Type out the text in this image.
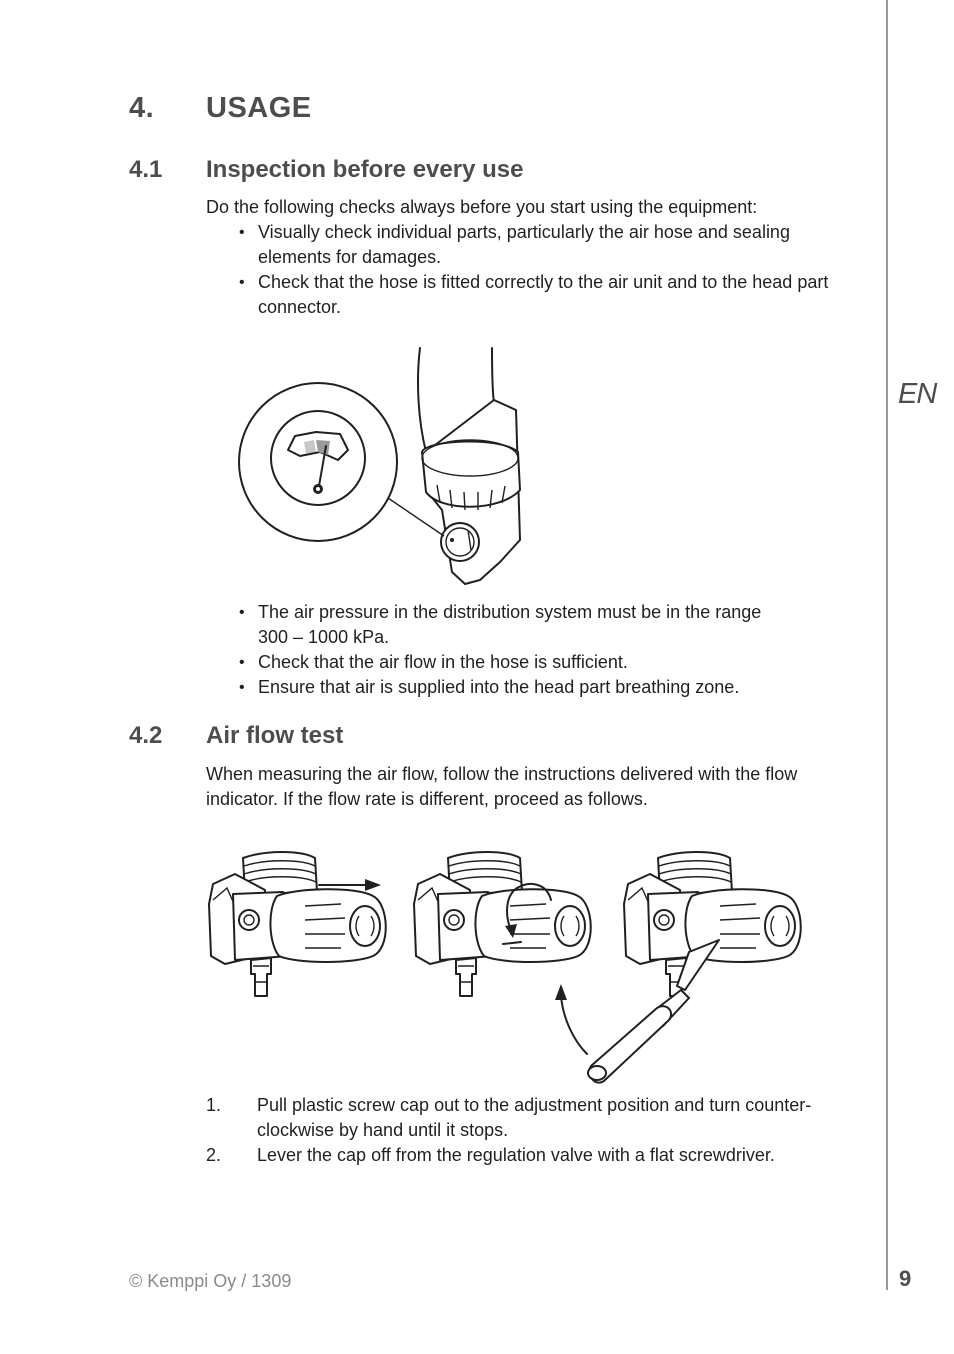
EN
4. USAGE
4.1 Inspection before every use
Do the following checks always before you start using the equipment:
• Visually check individual parts, particularly the air hose and sealing elements for damages.
• Check that the hose is fitted correctly to the air unit and to the head part connector.
• The air pressure in the distribution system must be in the range
300 – 1000 kPa.
• Check that the air flow in the hose is sufficient.
• Ensure that air is supplied into the head part breathing zone.
4.2 Air flow test
When measuring the air flow, follow the instructions delivered with the flow indicator. If the flow rate is different, proceed as follows.
1. Pull plastic screw cap out to the adjustment position and turn counter-clockwise by hand until it stops.
2. Lever the cap off from the regulation valve with a flat screwdriver.
© Kemppi Oy / 1309	9
